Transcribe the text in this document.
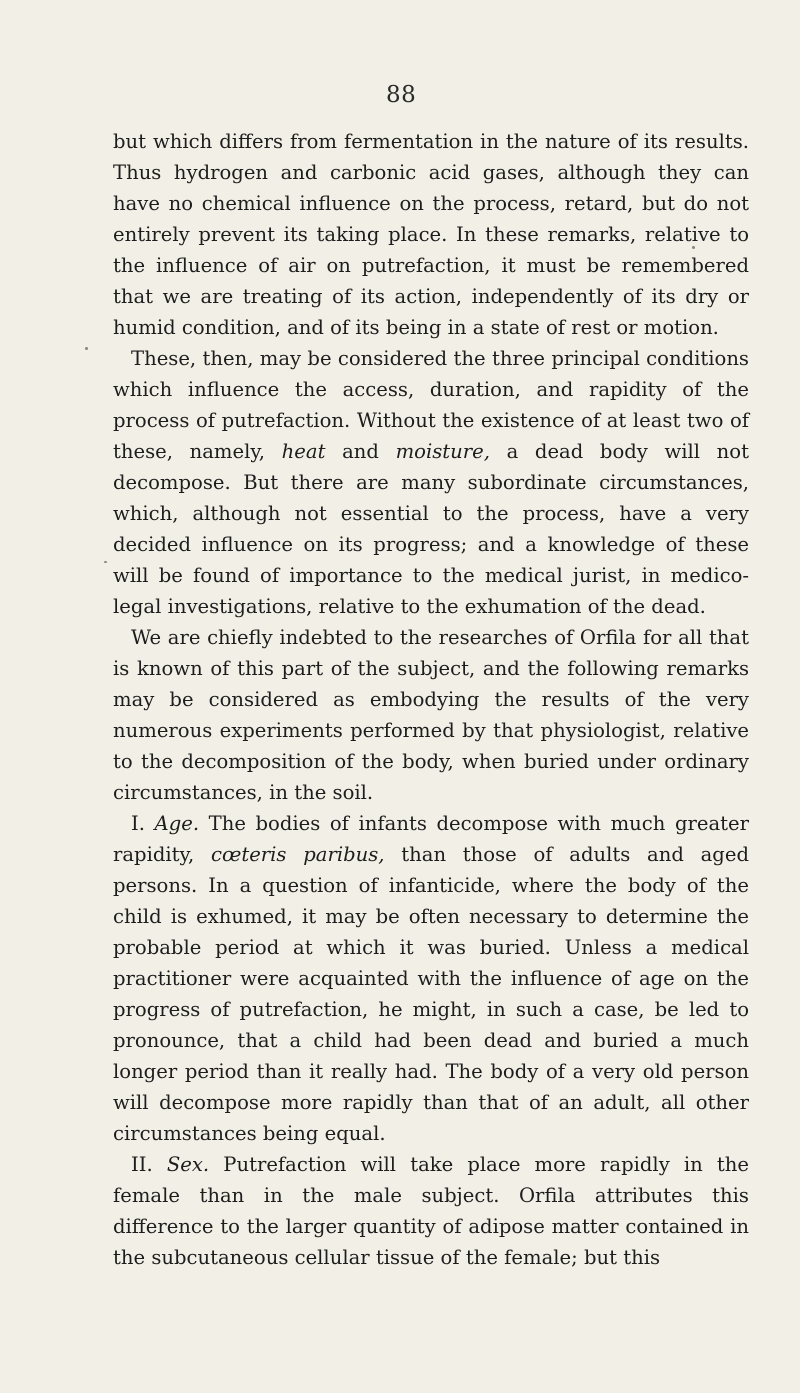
88

but which differs from fermentation in the nature of its results. Thus hydrogen and carbonic acid gases, although they can have no chemical influence on the process, retard, but do not entirely prevent its taking place. In these remarks, relative to the influence of air on putrefaction, it must be remembered that we are treating of its action, independently of its dry or humid condition, and of its being in a state of rest or motion.

These, then, may be considered the three principal conditions which influence the access, duration, and rapidity of the process of putrefaction. Without the existence of at least two of these, namely, heat and moisture, a dead body will not decompose. But there are many subordinate circumstances, which, although not essential to the process, have a very decided influence on its progress; and a knowledge of these will be found of importance to the medical jurist, in medico-legal investigations, relative to the exhumation of the dead.

We are chiefly indebted to the researches of Orfila for all that is known of this part of the subject, and the following remarks may be considered as embodying the results of the very numerous experiments performed by that physiologist, relative to the decomposition of the body, when buried under ordinary circumstances, in the soil.

I. Age. The bodies of infants decompose with much greater rapidity, cœteris paribus, than those of adults and aged persons. In a question of infanticide, where the body of the child is exhumed, it may be often necessary to determine the probable period at which it was buried. Unless a medical practitioner were acquainted with the influence of age on the progress of putrefaction, he might, in such a case, be led to pronounce, that a child had been dead and buried a much longer period than it really had. The body of a very old person will decompose more rapidly than that of an adult, all other circumstances being equal.

II. Sex. Putrefaction will take place more rapidly in the female than in the male subject. Orfila attributes this difference to the larger quantity of adipose matter contained in the subcutaneous cellular tissue of the female; but this
